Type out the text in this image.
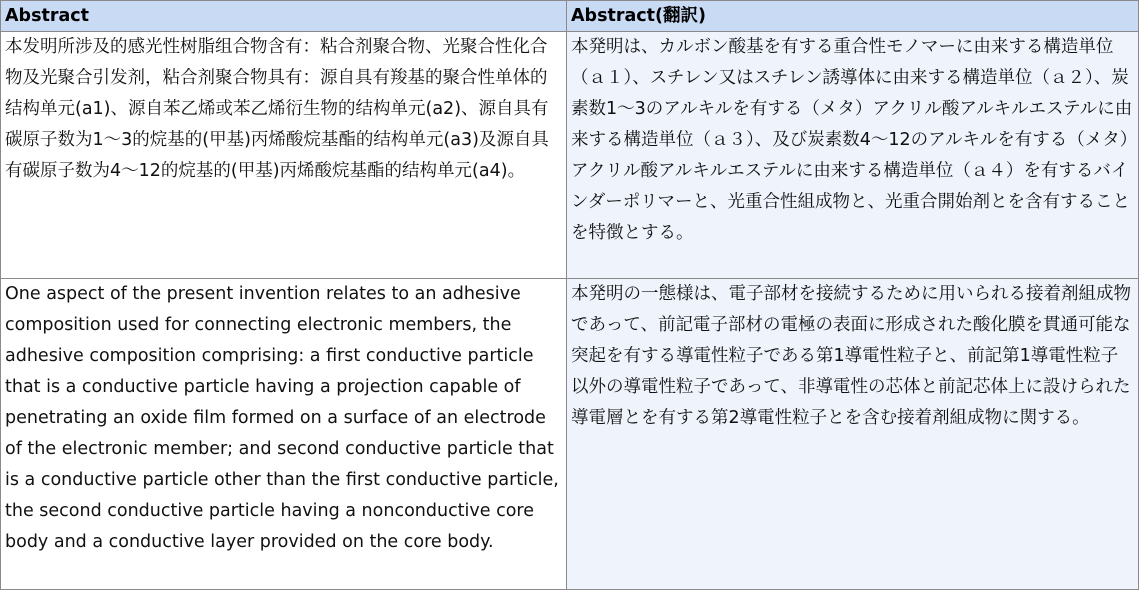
Abstract	Abstract(翻訳)
本发明所涉及的感光性树脂组合物含有：粘合剂聚合物、光聚合性化合物及光聚合引发剂，粘合剂聚合物具有：源自具有羧基的聚合性单体的结构单元(a1)、源自苯乙烯或苯乙烯衍生物的结构单元(a2)、源自具有碳原子数为1～3的烷基的(甲基)丙烯酸烷基酯的结构单元(a3)及源自具有碳原子数为4～12的烷基的(甲基)丙烯酸烷基酯的结构单元(a4)。	本発明は、カルボン酸基を有する重合性モノマーに由来する構造単位（ａ１）、スチレン又はスチレン誘導体に由来する構造単位（ａ２）、炭素数1～3のアルキルを有する（メタ）アクリル酸アルキルエステルに由来する構造単位（ａ３）、及び炭素数4～12のアルキルを有する（メタ）アクリル酸アルキルエステルに由来する構造単位（ａ４）を有するバインダーポリマーと、光重合性組成物と、光重合開始剤とを含有することを特徴とする。
One aspect of the present invention relates to an adhesive composition used for connecting electronic members, the adhesive composition comprising: a first conductive particle that is a conductive particle having a projection capable of penetrating an oxide film formed on a surface of an electrode of the electronic member; and second conductive particle that is a conductive particle other than the first conductive particle, the second conductive particle having a nonconductive core body and a conductive layer provided on the core body.	本発明の一態様は、電子部材を接続するために用いられる接着剤組成物であって、前記電子部材の電極の表面に形成された酸化膜を貫通可能な突起を有する導電性粒子である第1導電性粒子と、前記第1導電性粒子以外の導電性粒子であって、非導電性の芯体と前記芯体上に設けられた導電層とを有する第2導電性粒子とを含む接着剤組成物に関する。
